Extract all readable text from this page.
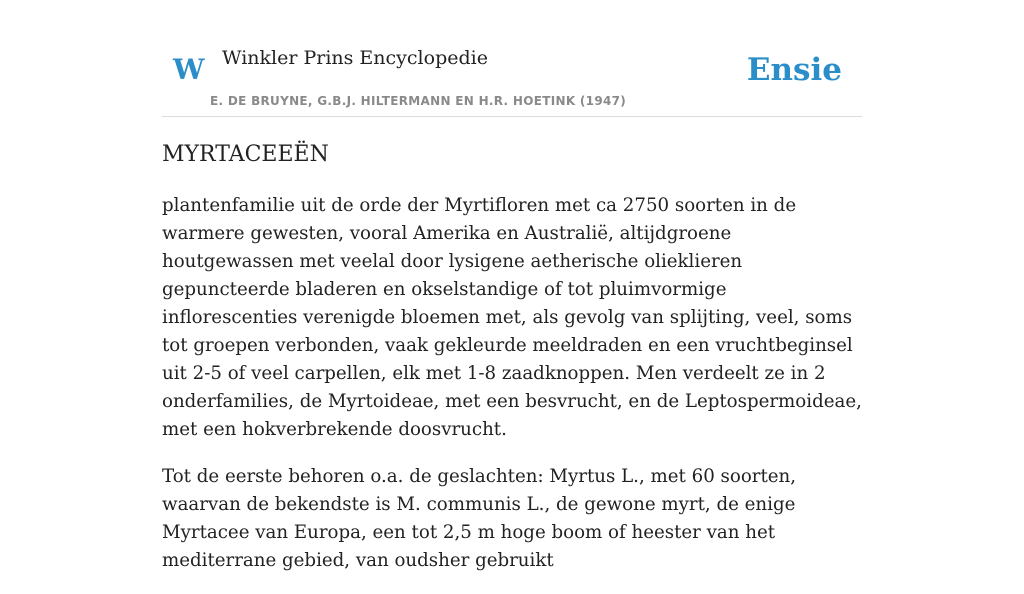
W Winkler Prins Encyclopedie
E. DE BRUYNE, G.B.J. HILTERMANN EN H.R. HOETINK (1947)
Ensie
MYRTACEEËN

plantenfamilie uit de orde der Myrtifloren met ca 2750 soorten in de warmere gewesten, vooral Amerika en Australië, altijdgroene houtgewassen met veelal door lysigene aetherische olieklieren gepuncteerde bladeren en okselstandige of tot pluimvormige inflorescenties verenigde bloemen met, als gevolg van splijting, veel, soms tot groepen verbonden, vaak gekleurde meeldraden en een vruchtbeginsel uit 2-5 of veel carpellen, elk met 1-8 zaadknoppen. Men verdeelt ze in 2 onderfamilies, de Myrtoideae, met een besvrucht, en de Leptospermoideae, met een hokverbrekende doosvrucht.

Tot de eerste behoren o.a. de geslachten: Myrtus L., met 60 soorten, waarvan de bekendste is M. communis L., de gewone myrt, de enige Myrtacee van Europa, een tot 2,5 m hoge boom of heester van het mediterrane gebied, van oudsher gebruikt
